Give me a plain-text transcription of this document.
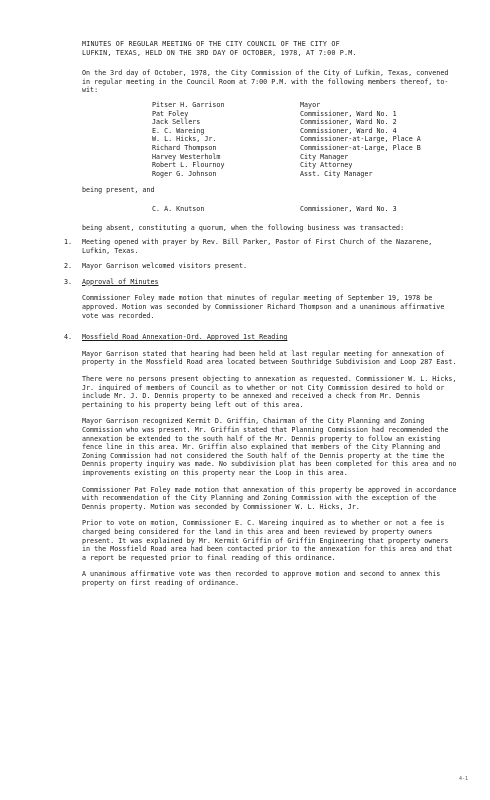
MINUTES OF REGULAR MEETING OF THE CITY COUNCIL OF THE CITY OF
LUFKIN, TEXAS, HELD ON THE 3RD DAY OF OCTOBER, 1978, AT 7:00 P.M.
On the 3rd day of October, 1978, the City Commission of the City of Lufkin, Texas, convened in regular meeting in the Council Room at 7:00 P.M. with the following members thereof, to-wit:
Pitser H. Garrison	Mayor
Pat Foley	Commissioner, Ward No. 1
Jack Sellers	Commissioner, Ward No. 2
E. C. Wareing	Commissioner, Ward No. 4
W. L. Hicks, Jr.	Commissioner-at-Large, Place A
Richard Thompson	Commissioner-at-Large, Place B
Harvey Westerholm	City Manager
Robert L. Flournoy	City Attorney
Roger G. Johnson	Asst. City Manager
being present, and
C. A. Knutson	Commissioner, Ward No. 3
being absent, constituting a quorum, when the following business was transacted:
1.	Meeting opened with prayer by Rev. Bill Parker, Pastor of First Church of the Nazarene, Lufkin, Texas.
2.	Mayor Garrison welcomed visitors present.
3.	Approval of Minutes
Commissioner Foley made motion that minutes of regular meeting of September 19, 1978 be approved. Motion was seconded by Commissioner Richard Thompson and a unanimous affirmative vote was recorded.
4.	Mossfield Road Annexation-Ord. Approved 1st Reading
Mayor Garrison stated that hearing had been held at last regular meeting for annexation of property in the Mossfield Road area located between Southridge Subdivision and Loop 287 East.
There were no persons present objecting to annexation as requested. Commissioner W. L. Hicks, Jr. inquired of members of Council as to whether or not City Commission desired to hold or include Mr. J. D. Dennis property to be annexed and received a check from Mr. Dennis pertaining to his property being left out of this area.
Mayor Garrison recognized Kermit D. Griffin, Chairman of the City Planning and Zoning Commission who was present. Mr. Griffin stated that Planning Commission had recommended the annexation be extended to the south half of the Mr. Dennis property to follow an existing fence line in this area. Mr. Griffin also explained that members of the City Planning and Zoning Commission had not considered the South half of the Dennis property at the time the Dennis property inquiry was made. No subdivision plat has been completed for this area and no improvements existing on this property near the Loop in this area.
Commissioner Pat Foley made motion that annexation of this property be approved in accordance with recommendation of the City Planning and Zoning Commission with the exception of the Dennis property. Motion was seconded by Commissioner W. L. Hicks, Jr.
Prior to vote on motion, Commissioner E. C. Wareing inquired as to whether or not a fee is charged being considered for the land in this area and been reviewed by property owners present. It was explained by Mr. Kermit Griffin of Griffin Engineering that property owners in the Mossfield Road area had been contacted prior to the annexation for this area and that a report be requested prior to final reading of this ordinance.
A unanimous affirmative vote was then recorded to approve motion and second to annex this property on first reading of ordinance.
4-1
